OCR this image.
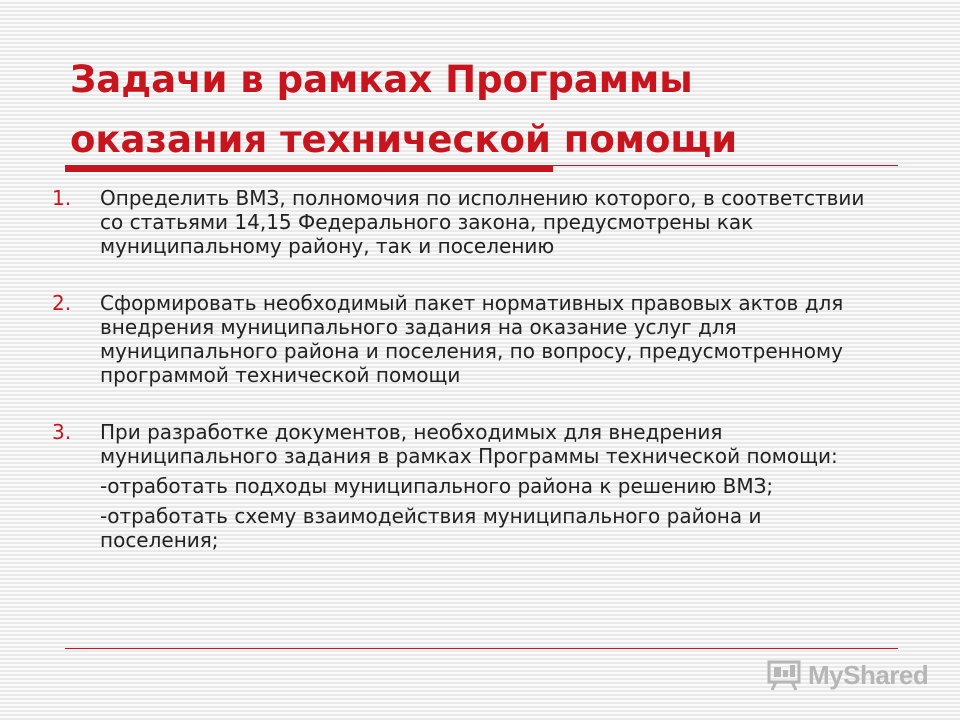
Задачи в рамках Программы
оказания технической помощи
1. Определить ВМЗ, полномочия по исполнению которого, в соответствии со статьями 14,15 Федерального закона, предусмотрены как муниципальному району, так и поселению

2. Сформировать необходимый пакет нормативных правовых актов для внедрения муниципального задания на оказание услуг для муниципального района и поселения, по вопросу, предусмотренному программой технической помощи

3. При разработке документов, необходимых для внедрения муниципального задания в рамках Программы технической помощи:

-отработать подходы муниципального района к решению ВМЗ;

-отработать схему взаимодействия муниципального района и поселения;

MyShared
